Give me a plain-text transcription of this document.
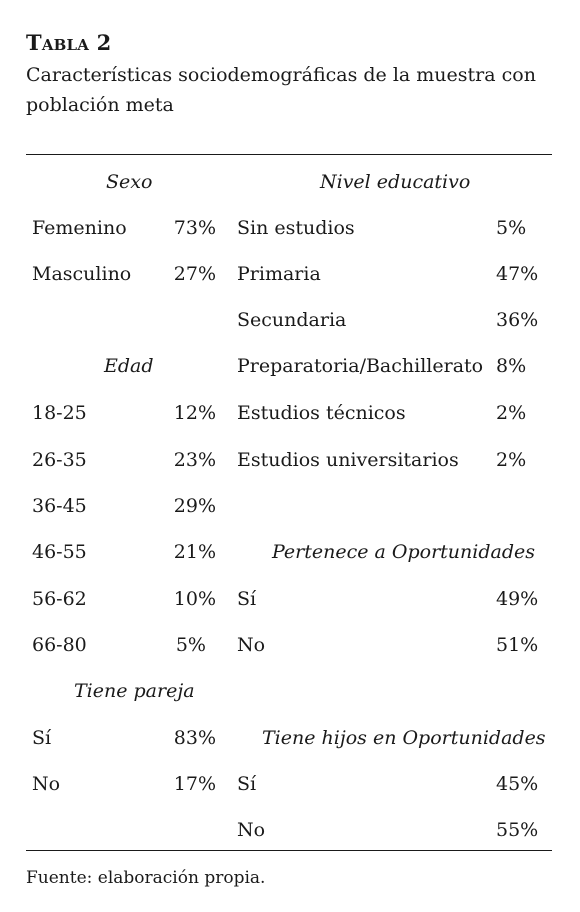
Tabla 2
Características sociodemográficas de la muestra con población meta
Sexo
Femenino	73%
Masculino	27%
Edad
18-25	12%
26-35	23%
36-45	29%
46-55	21%
56-62	10%
66-80	5%
Tiene pareja
Sí	83%
No	17%
Nivel educativo
Sin estudios	5%
Primaria	47%
Secundaria	36%
Preparatoria/Bachillerato 8%
Estudios técnicos	2%
Estudios universitarios 2%
Pertenece a Oportunidades
Sí	49%
No	51%
Tiene hijos en Oportunidades
Sí	45%
No	55%
Fuente: elaboración propia.
